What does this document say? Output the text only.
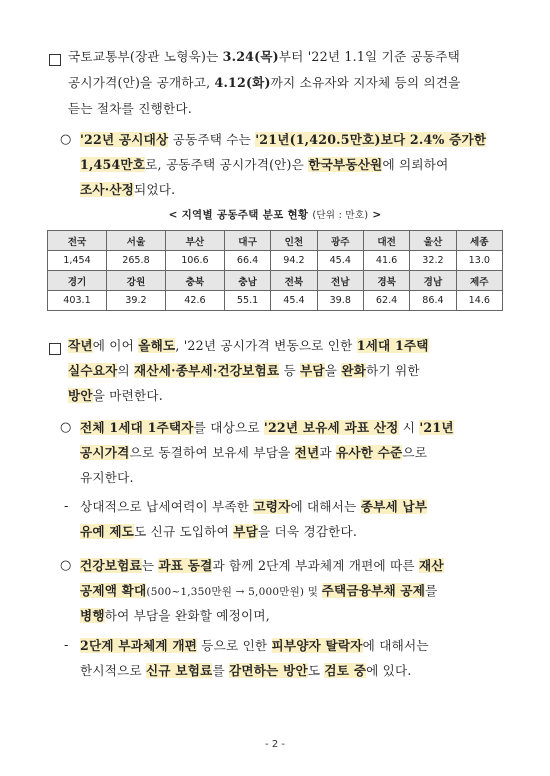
국토교통부(장관 노형욱)는 3.24(목)부터 '22년 1.1일 기준 공동주택
공시가격(안)을 공개하고, 4.12(화)까지 소유자와 지자체 등의 의견을
듣는 절차를 진행한다.
○ '22년 공시대상 공동주택 수는 '21년(1,420.5만호)보다 2.4% 증가한
1,454만호로, 공동주택 공시가격(안)은 한국부동산원에 의뢰하여
조사·산정되었다.
< 지역별 공동주택 분포 현황 (단위 : 만호) >
전국	서울	부산	대구	인천	광주	대전	울산	세종
1,454	265.8	106.6	66.4	94.2	45.4	41.6	32.2	13.0
경기	강원	충북	충남	전북	전남	경북	경남	제주
403.1	39.2	42.6	55.1	45.4	39.8	62.4	86.4	14.6
작년에 이어 올해도, '22년 공시가격 변동으로 인한 1세대 1주택
실수요자의 재산세·종부세·건강보험료 등 부담을 완화하기 위한
방안을 마련한다.
○ 전체 1세대 1주택자를 대상으로 '22년 보유세 과표 산정 시 '21년
공시가격으로 동결하여 보유세 부담을 전년과 유사한 수준으로
유지한다.
- 상대적으로 납세여력이 부족한 고령자에 대해서는 종부세 납부
유예 제도도 신규 도입하여 부담을 더욱 경감한다.
○ 건강보험료는 과표 동결과 함께 2단계 부과체계 개편에 따른 재산
공제액 확대(500~1,350만원 → 5,000만원) 및 주택금융부채 공제를
병행하여 부담을 완화할 예정이며,
- 2단계 부과체계 개편 등으로 인한 피부양자 탈락자에 대해서는
한시적으로 신규 보험료를 감면하는 방안도 검토 중에 있다.
- 2 -
